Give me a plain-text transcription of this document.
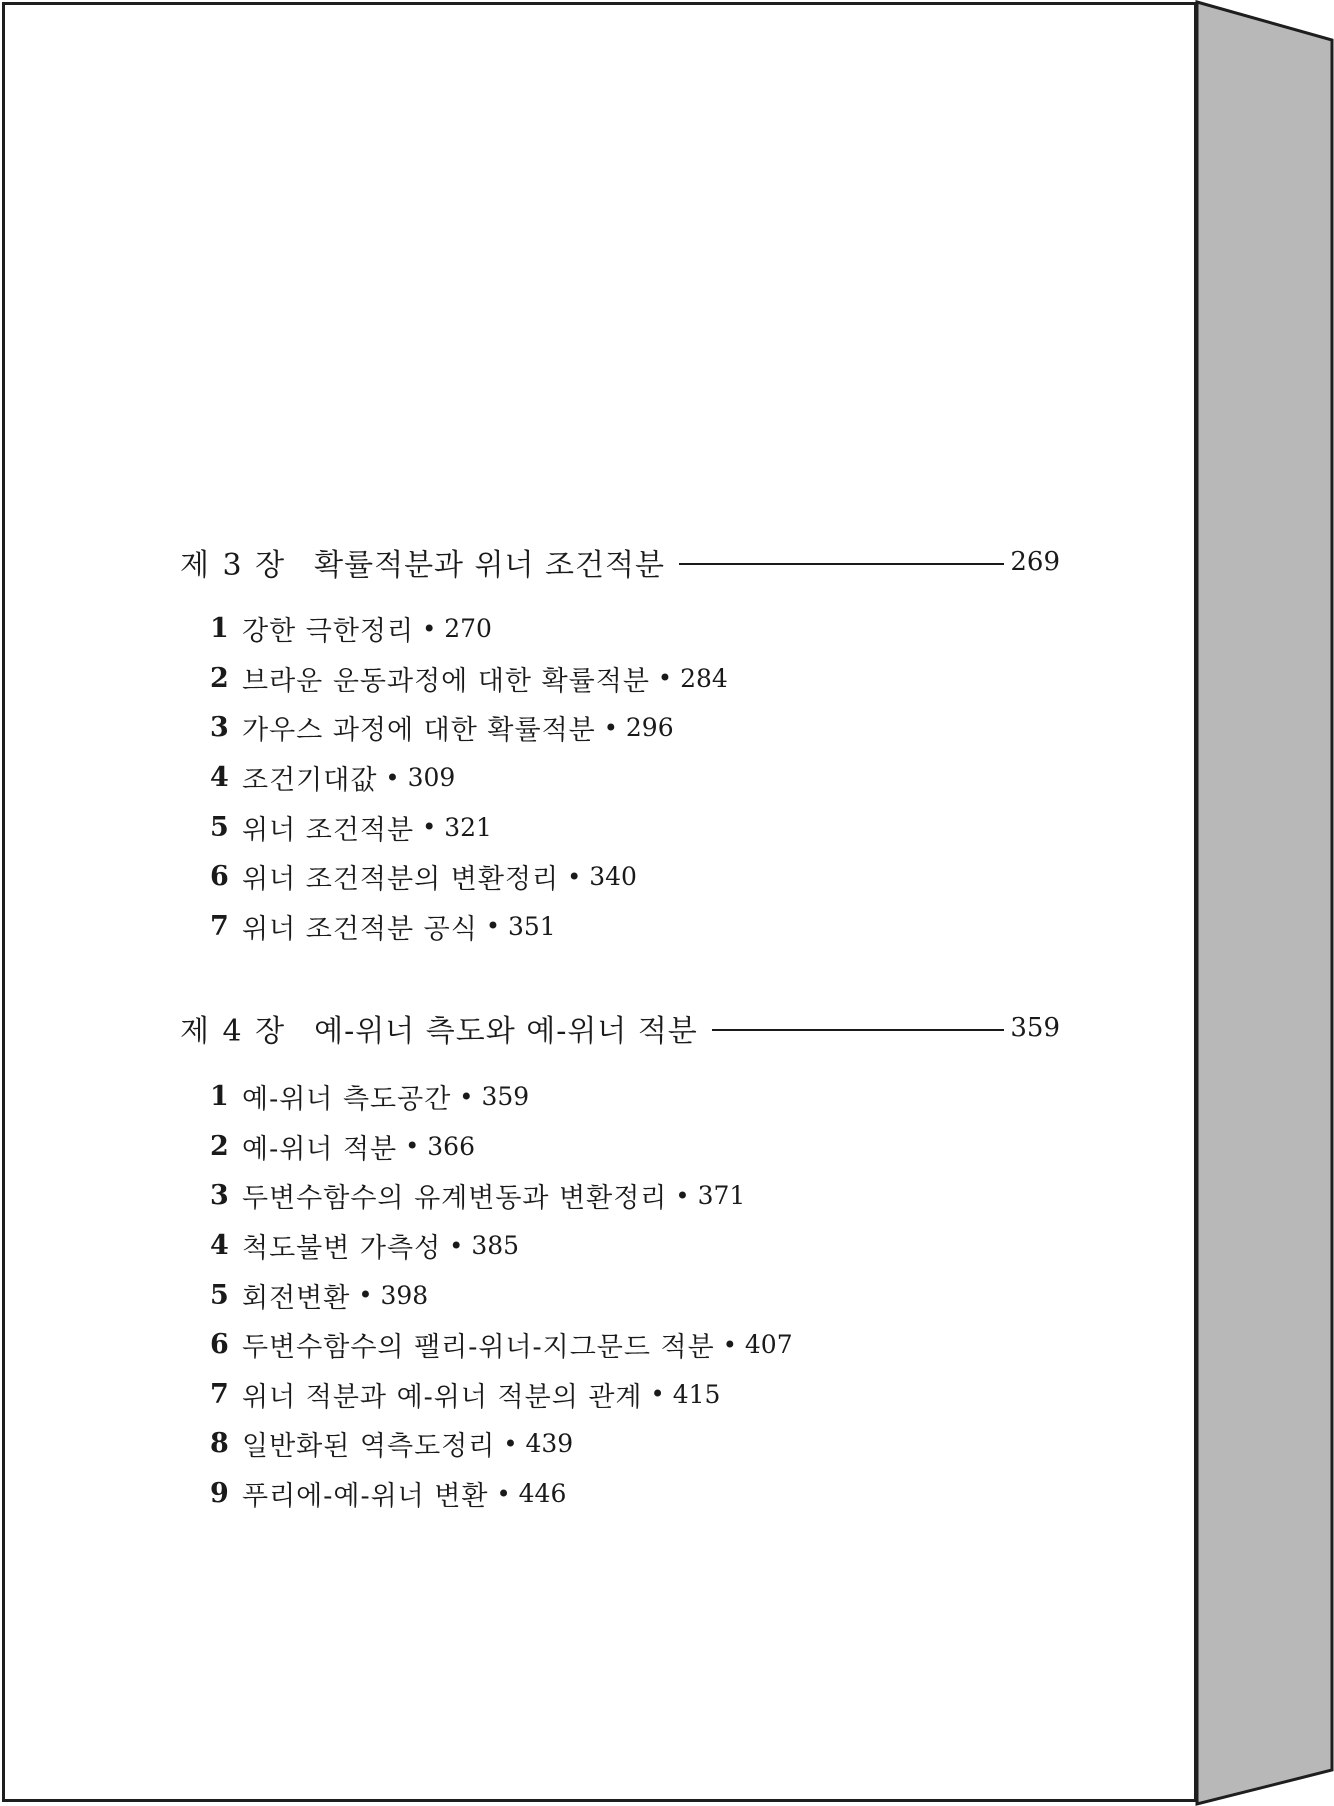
제 3 장 확률적분과 위너 조건적분	269
1 강한 극한정리 • 270
2 브라운 운동과정에 대한 확률적분 • 284
3 가우스 과정에 대한 확률적분 • 296
4 조건기대값 • 309
5 위너 조건적분 • 321
6 위너 조건적분의 변환정리 • 340
7 위너 조건적분 공식 • 351
제 4 장 예-위너 측도와 예-위너 적분	359
1 예-위너 측도공간 • 359
2 예-위너 적분 • 366
3 두변수함수의 유계변동과 변환정리 • 371
4 척도불변 가측성 • 385
5 회전변환 • 398
6 두변수함수의 팰리-위너-지그문드 적분 • 407
7 위너 적분과 예-위너 적분의 관계 • 415
8 일반화된 역측도정리 • 439
9 푸리에-예-위너 변환 • 446
